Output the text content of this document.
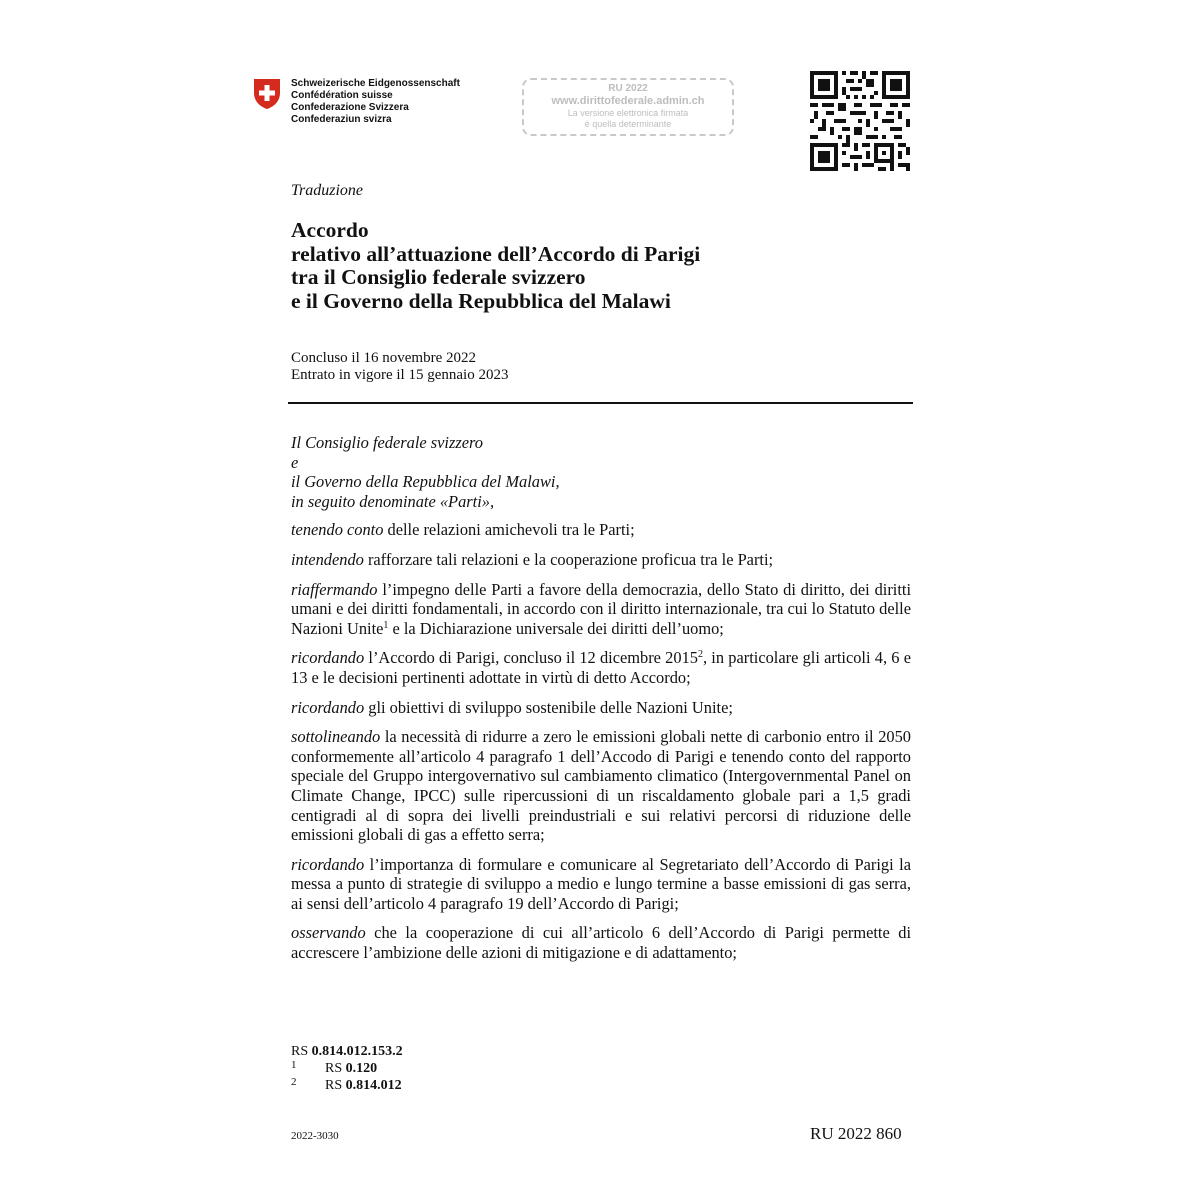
Schweizerische Eidgenossenschaft
Confédération suisse
Confederazione Svizzera
Confederaziun svizra
RU 2022
www.dirittofederale.admin.ch
La versione elettronica firmata
è quella determinante
Traduzione
Accordo
relativo all’attuazione dell’Accordo di Parigi
tra il Consiglio federale svizzero
e il Governo della Repubblica del Malawi
Concluso il 16 novembre 2022
Entrato in vigore il 15 gennaio 2023
Il Consiglio federale svizzero
e
il Governo della Repubblica del Malawi,
in seguito denominate «Parti»,

tenendo conto delle relazioni amichevoli tra le Parti;

intendendo rafforzare tali relazioni e la cooperazione proficua tra le Parti;

riaffermando l’impegno delle Parti a favore della democrazia, dello Stato di diritto, dei diritti umani e dei diritti fondamentali, in accordo con il diritto internazionale, tra cui lo Statuto delle Nazioni Unite$^1$ e la Dichiarazione universale dei diritti dell’uomo;

ricordando l’Accordo di Parigi, concluso il 12 dicembre 2015$^2$, in particolare gli articoli 4, 6 e 13 e le decisioni pertinenti adottate in virtù di detto Accordo;

ricordando gli obiettivi di sviluppo sostenibile delle Nazioni Unite;

sottolineando la necessità di ridurre a zero le emissioni globali nette di carbonio entro il 2050 conformemente all’articolo 4 paragrafo 1 dell’Accodo di Parigi e tenendo conto del rapporto speciale del Gruppo intergovernativo sul cambiamento climatico (Intergovernmental Panel on Climate Change, IPCC) sulle ripercussioni di un riscaldamento globale pari a 1,5 gradi centigradi al di sopra dei livelli preindustriali e sui relativi percorsi di riduzione delle emissioni globali di gas a effetto serra;

ricordando l’importanza di formulare e comunicare al Segretariato dell’Accordo di Parigi la messa a punto di strategie di sviluppo a medio e lungo termine a basse emissioni di gas serra, ai sensi dell’articolo 4 paragrafo 19 dell’Accordo di Parigi;

osservando che la cooperazione di cui all’articolo 6 dell’Accordo di Parigi permette di accrescere l’ambizione delle azioni di mitigazione e di adattamento;

RS 0.814.012.153.2
1 RS 0.120
2 RS 0.814.012
2022-3030	RU 2022 860
